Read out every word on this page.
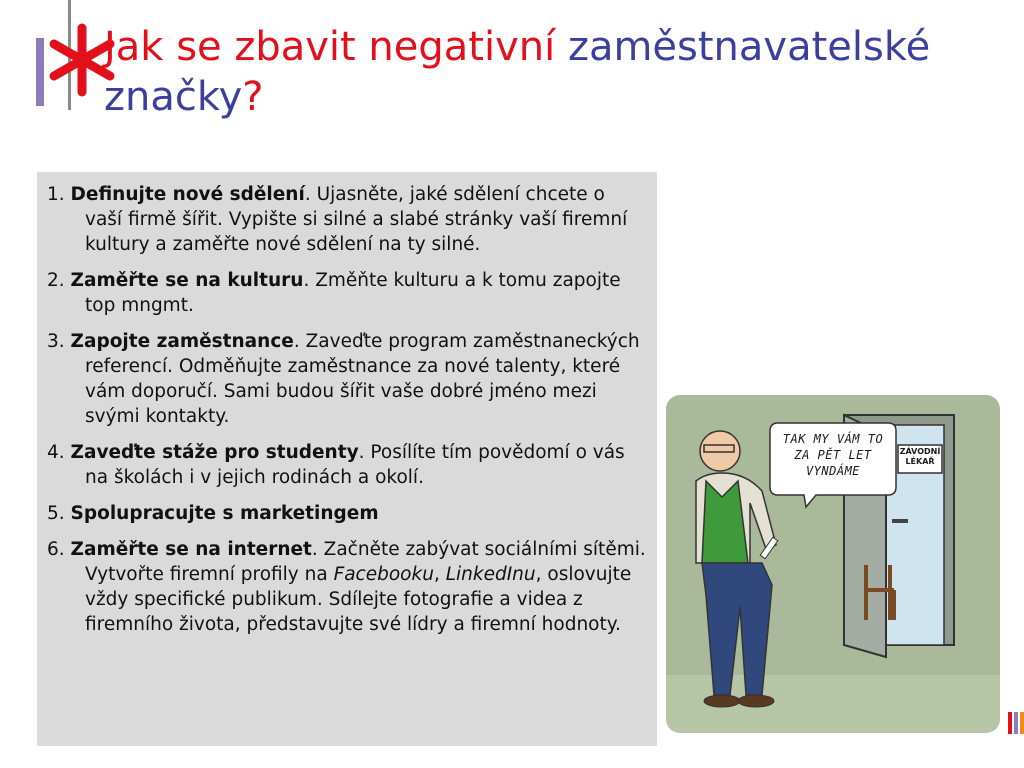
Jak se zbavit negativní zaměstnavatelské značky?
1. Definujte nové sdělení. Ujasněte, jaké sdělení chcete o vaší firmě šířit. Vypište si silné a slabé stránky vaší firemní kultury a zaměřte nové sdělení na ty silné.
2. Zaměřte se na kulturu. Změňte kulturu a k tomu zapojte top mngmt.
3. Zapojte zaměstnance. Zaveďte program zaměstnaneckých referencí. Odměňujte zaměstnance za nové talenty, které vám doporučí. Sami budou šířit vaše dobré jméno mezi svými kontakty.
4. Zaveďte stáže pro studenty. Posílíte tím povědomí o vás na školách i v jejich rodinách a okolí.
5. Spolupracujte s marketingem
6. Zaměřte se na internet. Začněte zabývat sociálními sítěmi. Vytvořte firemní profily na Facebooku, LinkedInu, oslovujte vždy specifické publikum. Sdílejte fotografie a videa z firemního života, představujte své lídry a firemní hodnoty.
TAK MY VÁM TO ZA PĚT LET VYNDÁME
ZÁVODNÍ LÉKAŘ
